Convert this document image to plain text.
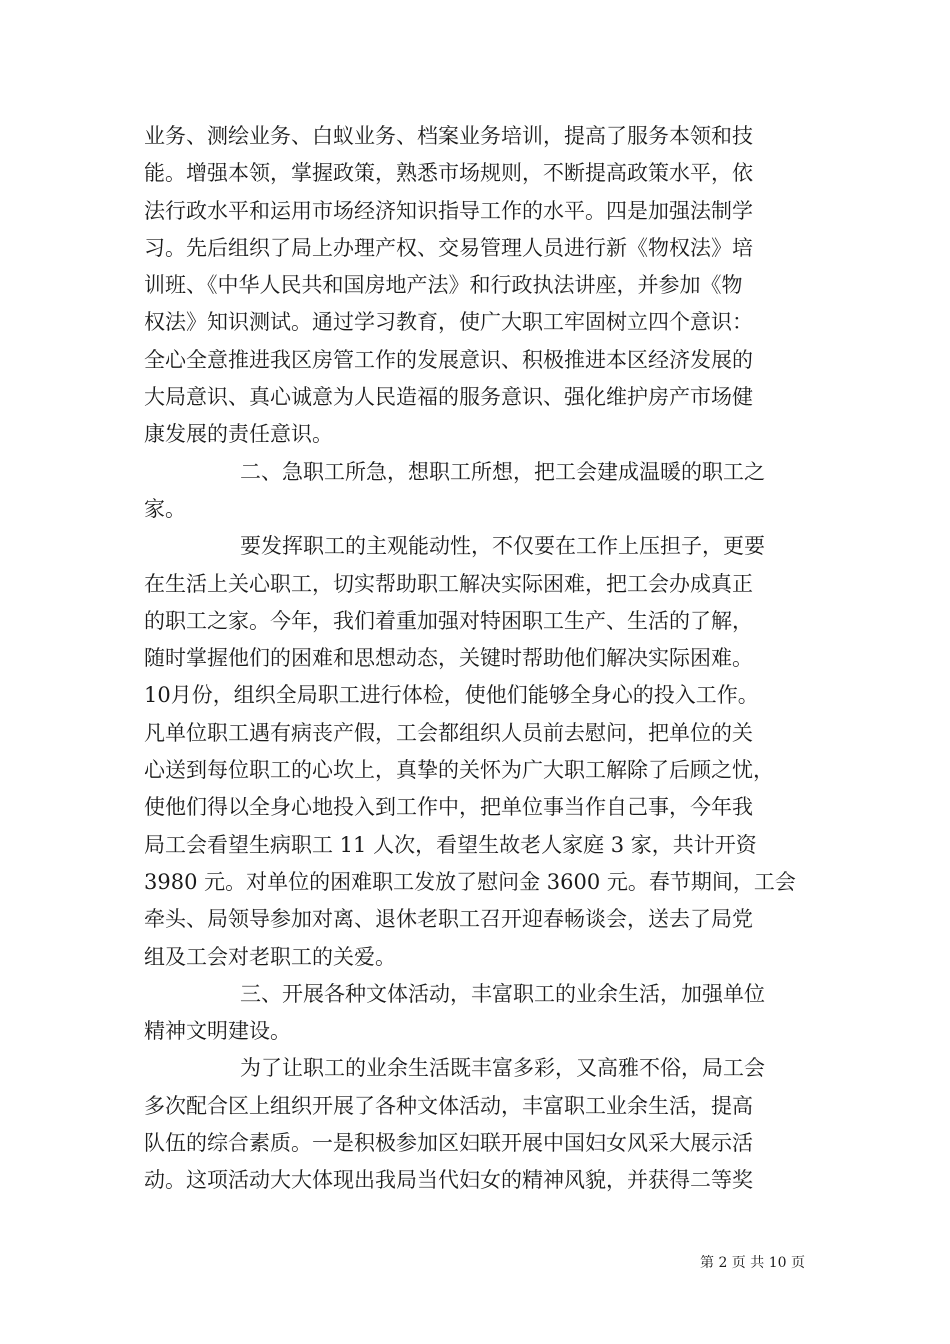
业务、测绘业务、白蚁业务、档案业务培训，提高了服务本领和技
能。增强本领，掌握政策，熟悉市场规则，不断提高政策水平，依
法行政水平和运用市场经济知识指导工作的水平。四是加强法制学
习。先后组织了局上办理产权、交易管理人员进行新《物权法》培
训班、《中华人民共和国房地产法》和行政执法讲座，并参加《物
权法》知识测试。通过学习教育，使广大职工牢固树立四个意识：
全心全意推进我区房管工作的发展意识、积极推进本区经济发展的
大局意识、真心诚意为人民造福的服务意识、强化维护房产市场健
康发展的责任意识。
二、急职工所急，想职工所想，把工会建成温暖的职工之
家。
要发挥职工的主观能动性，不仅要在工作上压担子，更要
在生活上关心职工，切实帮助职工解决实际困难，把工会办成真正
的职工之家。今年，我们着重加强对特困职工生产、生活的了解，
随时掌握他们的困难和思想动态，关键时帮助他们解决实际困难。
10月份，组织全局职工进行体检，使他们能够全身心的投入工作。
凡单位职工遇有病丧产假，工会都组织人员前去慰问，把单位的关
心送到每位职工的心坎上，真挚的关怀为广大职工解除了后顾之忧，
使他们得以全身心地投入到工作中，把单位事当作自己事，今年我
局工会看望生病职工 11 人次，看望生故老人家庭 3 家，共计开资
3980 元。对单位的困难职工发放了慰问金 3600 元。春节期间，工会
牵头、局领导参加对离、退休老职工召开迎春畅谈会，送去了局党
组及工会对老职工的关爱。
三、开展各种文体活动，丰富职工的业余生活，加强单位
精神文明建设。
为了让职工的业余生活既丰富多彩，又高雅不俗，局工会
多次配合区上组织开展了各种文体活动，丰富职工业余生活，提高
队伍的综合素质。一是积极参加区妇联开展中国妇女风采大展示活
动。这项活动大大体现出我局当代妇女的精神风貌，并获得二等奖
第 2 页 共 10 页
